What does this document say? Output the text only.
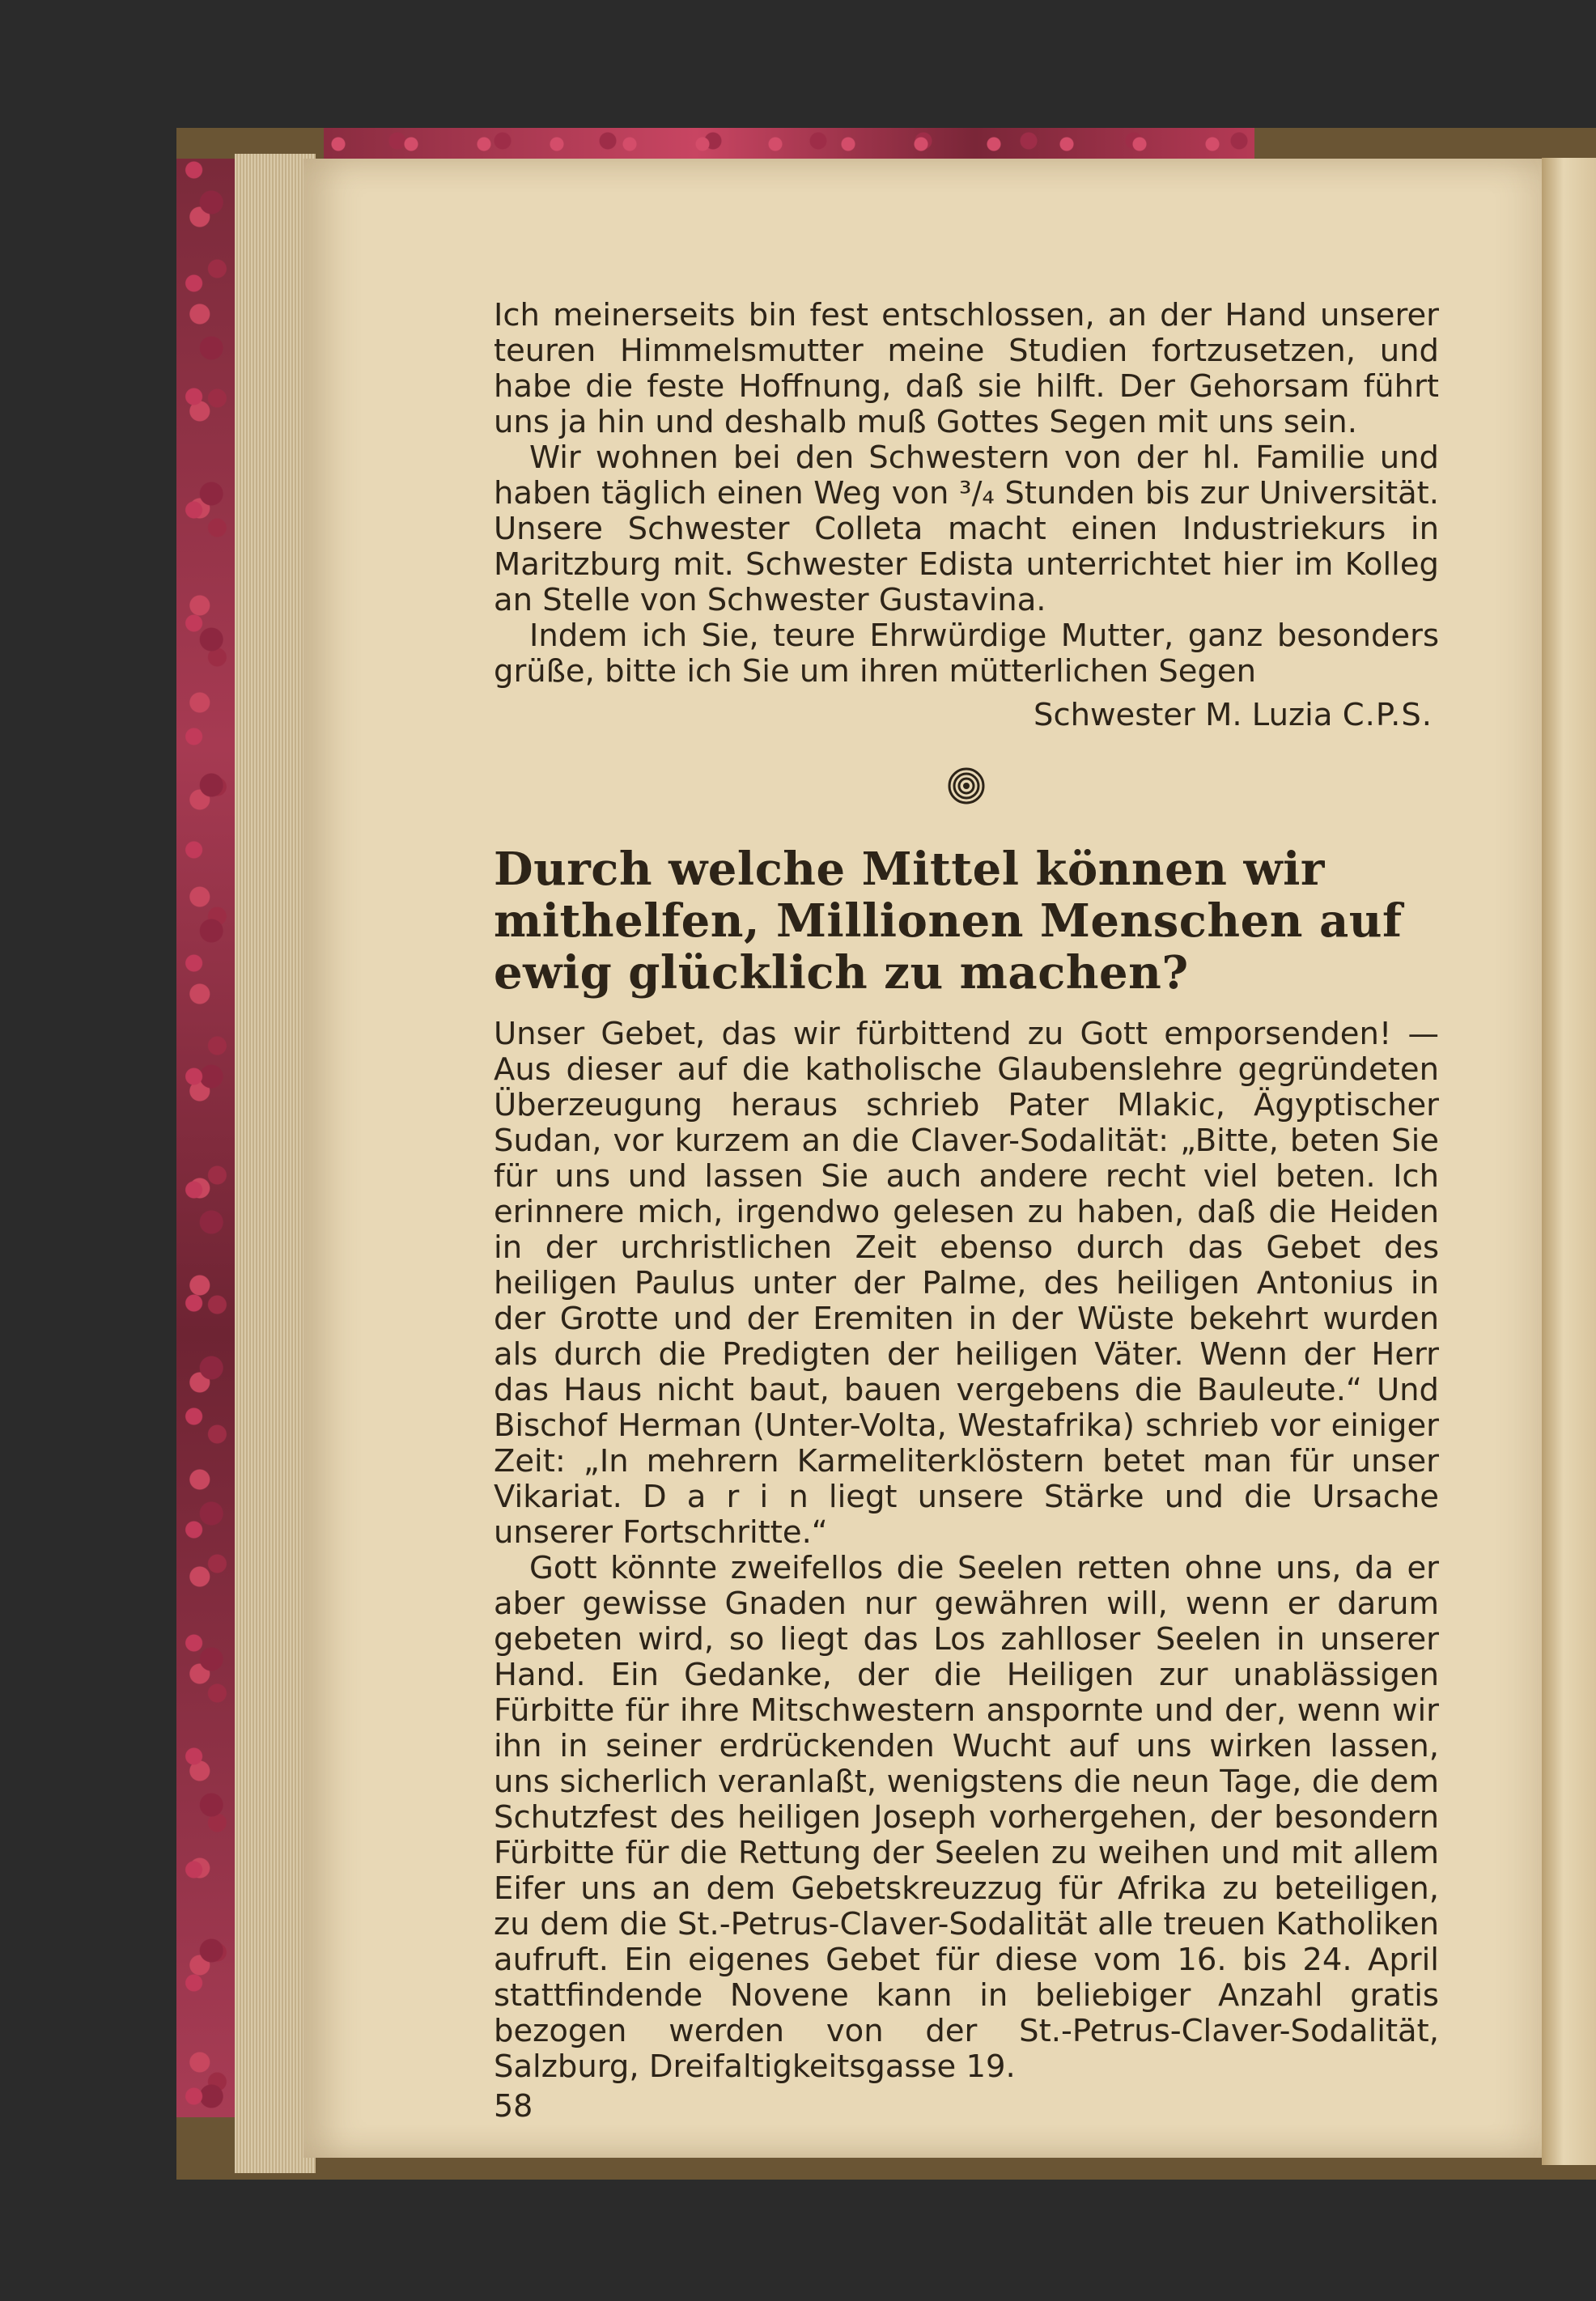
Ich meinerseits bin fest entschlossen, an der Hand unserer teuren Himmelsmutter meine Studien fortzusetzen, und habe die feste Hoffnung, daß sie hilft. Der Gehorsam führt uns ja hin und deshalb muß Gottes Segen mit uns sein.

Wir wohnen bei den Schwestern von der hl. Familie und haben täglich einen Weg von ³/₄ Stunden bis zur Universität. Unsere Schwester Colleta macht einen Industriekurs in Maritzburg mit. Schwester Edista unterrichtet hier im Kolleg an Stelle von Schwester Gustavina.

Indem ich Sie, teure Ehrwürdige Mutter, ganz besonders grüße, bitte ich Sie um ihren mütterlichen Segen

Schwester M. Luzia C.P.S.
Durch welche Mittel können wir mithelfen, Millionen Menschen auf ewig glücklich zu machen?

Unser Gebet, das wir fürbittend zu Gott emporsenden! — Aus dieser auf die katholische Glaubenslehre gegründeten Überzeugung heraus schrieb Pater Mlakic, Ägyptischer Sudan, vor kurzem an die Claver-Sodalität: „Bitte, beten Sie für uns und lassen Sie auch andere recht viel beten. Ich erinnere mich, irgendwo gelesen zu haben, daß die Heiden in der urchristlichen Zeit ebenso durch das Gebet des heiligen Paulus unter der Palme, des heiligen Antonius in der Grotte und der Eremiten in der Wüste bekehrt wurden als durch die Predigten der heiligen Väter. Wenn der Herr das Haus nicht baut, bauen vergebens die Bauleute.“ Und Bischof Herman (Unter-Volta, Westafrika) schrieb vor einiger Zeit: „In mehrern Karmeliterklöstern betet man für unser Vikariat. D a r i n liegt unsere Stärke und die Ursache unserer Fortschritte.“

Gott könnte zweifellos die Seelen retten ohne uns, da er aber gewisse Gnaden nur gewähren will, wenn er darum gebeten wird, so liegt das Los zahlloser Seelen in unserer Hand. Ein Gedanke, der die Heiligen zur unablässigen Fürbitte für ihre Mitschwestern anspornte und der, wenn wir ihn in seiner erdrückenden Wucht auf uns wirken lassen, uns sicherlich veranlaßt, wenigstens die neun Tage, die dem Schutzfest des heiligen Joseph vorhergehen, der besondern Fürbitte für die Rettung der Seelen zu weihen und mit allem Eifer uns an dem Gebetskreuzzug für Afrika zu beteiligen, zu dem die St.-Petrus-Claver-Sodalität alle treuen Katholiken aufruft. Ein eigenes Gebet für diese vom 16. bis 24. April stattfindende Novene kann in beliebiger Anzahl gratis bezogen werden von der St.-Petrus-Claver-Sodalität, Salzburg, Dreifaltigkeitsgasse 19.

58
